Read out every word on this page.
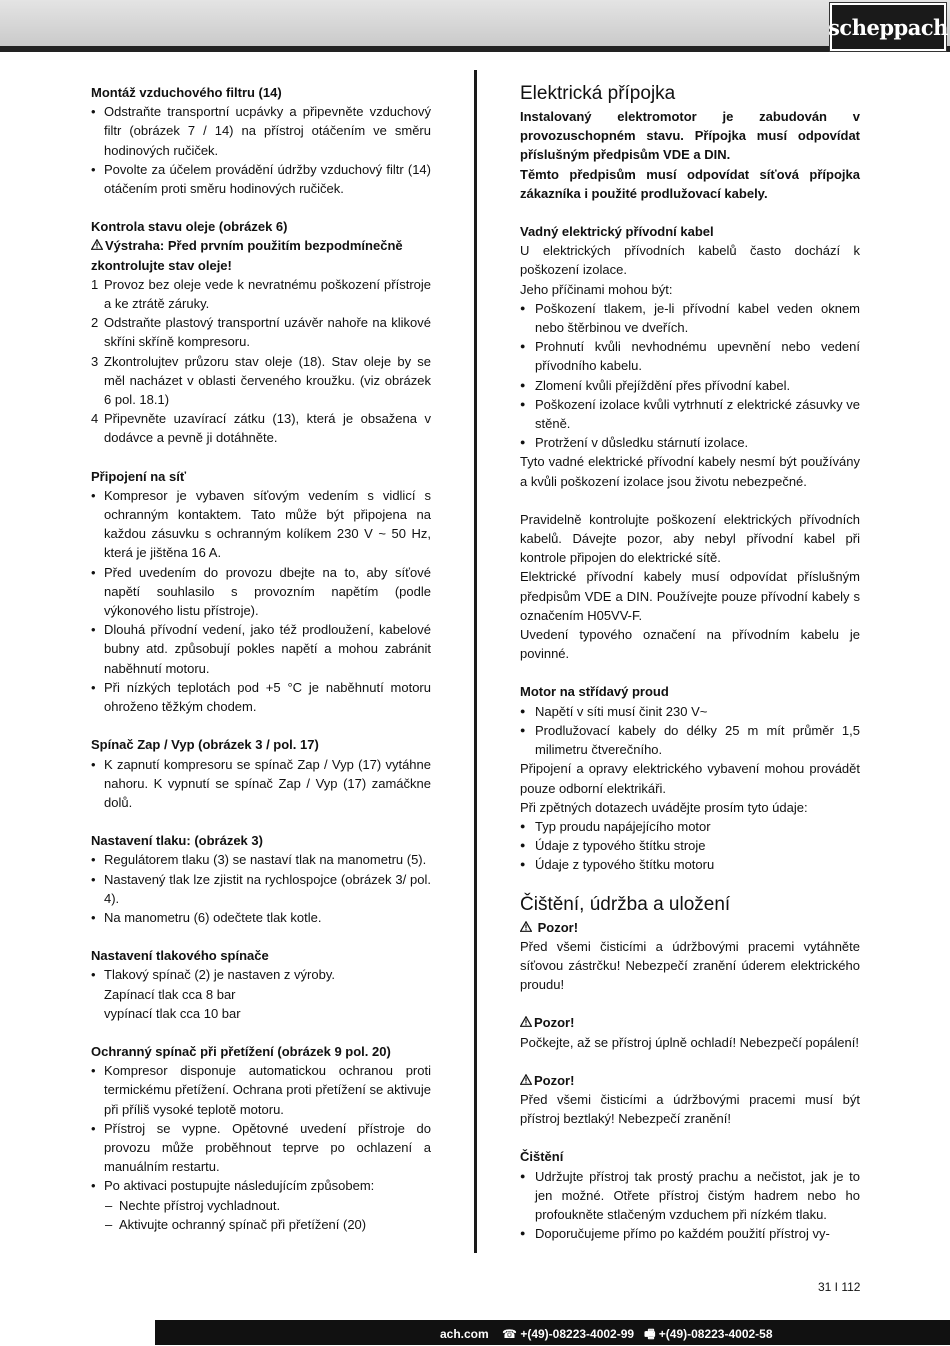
scheppach

Montáž vzduchového filtru (14)

• Odstraňte transportní ucpávky a připevněte vzduchový filtr (obrázek 7 / 14) na přístroj otáčením ve směru hodinových ručiček.
• Povolte za účelem provádění údržby vzduchový filtr (14) otáčením proti směru hodinových ručiček.

Kontrola stavu oleje (obrázek 6)

Výstraha: Před prvním použitím bezpodmínečně zkontrolujte stav oleje!

1 Provoz bez oleje vede k nevratnému poškození přístroje a ke ztrátě záruky.
2 Odstraňte plastový transportní uzávěr nahoře na klikové skříni skříně kompresoru.
3 Zkontrolujtev průzoru stav oleje (18). Stav oleje by se měl nacházet v oblasti červeného kroužku. (viz obrázek 6 pol. 18.1)
4 Připevněte uzavírací zátku (13), která je obsažena v dodávce a pevně ji dotáhněte.

Připojení na síť

• Kompresor je vybaven síťovým vedením s vidlicí s ochranným kontaktem. Tato může být připojena na každou zásuvku s ochranným kolíkem 230 V ~ 50 Hz, která je jištěna 16 A.
• Před uvedením do provozu dbejte na to, aby síťové napětí souhlasilo s provozním napětím (podle výkonového listu přístroje).
• Dlouhá přívodní vedení, jako též prodloužení, kabelové bubny atd. způsobují pokles napětí a mohou zabránit naběhnutí motoru.
• Při nízkých teplotách pod +5 °C je naběhnutí motoru ohroženo těžkým chodem.

Spínač Zap / Vyp (obrázek 3 / pol. 17)

• K zapnutí kompresoru se spínač Zap / Vyp (17) vytáhne nahoru. K vypnutí se spínač Zap / Vyp (17) zamáčkne dolů.

Nastavení tlaku: (obrázek 3)

• Regulátorem tlaku (3) se nastaví tlak na manometru (5).
• Nastavený tlak lze zjistit na rychlospojce (obrázek 3/ pol. 4).
• Na manometru (6) odečtete tlak kotle.

Nastavení tlakového spínače

• Tlakový spínač (2) je nastaven z výroby.
Zapínací tlak cca 8 bar
vypínací tlak cca 10 bar

Ochranný spínač při přetížení (obrázek 9 pol. 20)

• Kompresor disponuje automatickou ochranou proti termickému přetížení. Ochrana proti přetížení se aktivuje při příliš vysoké teplotě motoru.
• Přístroj se vypne. Opětovné uvedení přístroje do provozu může proběhnout teprve po ochlazení a manuálním restartu.
• Po aktivaci postupujte následujícím způsobem:
– Nechte přístroj vychladnout.
– Aktivujte ochranný spínač při přetížení (20)

Elektrická přípojka

Instalovaný elektromotor je zabudován v provozuschopném stavu. Přípojka musí odpovídat příslušným předpisům VDE a DIN.

Těmto předpisům musí odpovídat síťová přípojka zákazníka i použité prodlužovací kabely.

Vadný elektrický přívodní kabel

U elektrických přívodních kabelů často dochází k poškození izolace.

Jeho příčinami mohou být:

● Poškození tlakem, je-li přívodní kabel veden oknem nebo štěrbinou ve dveřích.
● Prohnutí kvůli nevhodnému upevnění nebo vedení přívodního kabelu.
● Zlomení kvůli přejíždění přes přívodní kabel.
● Poškození izolace kvůli vytrhnutí z elektrické zásuvky ve stěně.
● Protržení v důsledku stárnutí izolace.

Tyto vadné elektrické přívodní kabely nesmí být používány a kvůli poškození izolace jsou životu nebezpečné.

Pravidelně kontrolujte poškození elektrických přívodních kabelů. Dávejte pozor, aby nebyl přívodní kabel při kontrole připojen do elektrické sítě.

Elektrické přívodní kabely musí odpovídat příslušným předpisům VDE a DIN. Používejte pouze přívodní kabely s označením H05VV-F.

Uvedení typového označení na přívodním kabelu je povinné.

Motor na střídavý proud

● Napětí v síti musí činit 230 V~
● Prodlužovací kabely do délky 25 m mít průměr 1,5 milimetru čtverečního.

Připojení a opravy elektrického vybavení mohou provádět pouze odborní elektrikáři.

Při zpětných dotazech uvádějte prosím tyto údaje:

● Typ proudu napájejícího motor
● Údaje z typového štítku stroje
● Údaje z typového štítku motoru

Čištění, údržba a uložení

Pozor!

Před všemi čisticími a údržbovými pracemi vytáhněte síťovou zástrčku! Nebezpečí zranění úderem elektrického proudu!

Pozor!

Počkejte, až se přístroj úplně ochladí! Nebezpečí popálení!

Pozor!

Před všemi čisticími a údržbovými pracemi musí být přístroj beztlaký! Nebezpečí zranění!

Čištění

● Udržujte přístroj tak prostý prachu a nečistot, jak je to jen možné. Otřete přístroj čistým hadrem nebo ho profoukněte stlačeným vzduchem při nízkém tlaku.
● Doporučujeme přímo po každém použití přístroj vy-
31 I 112
ach.com ☎ +(49)-08223-4002-99 🖷 +(49)-08223-4002-58
